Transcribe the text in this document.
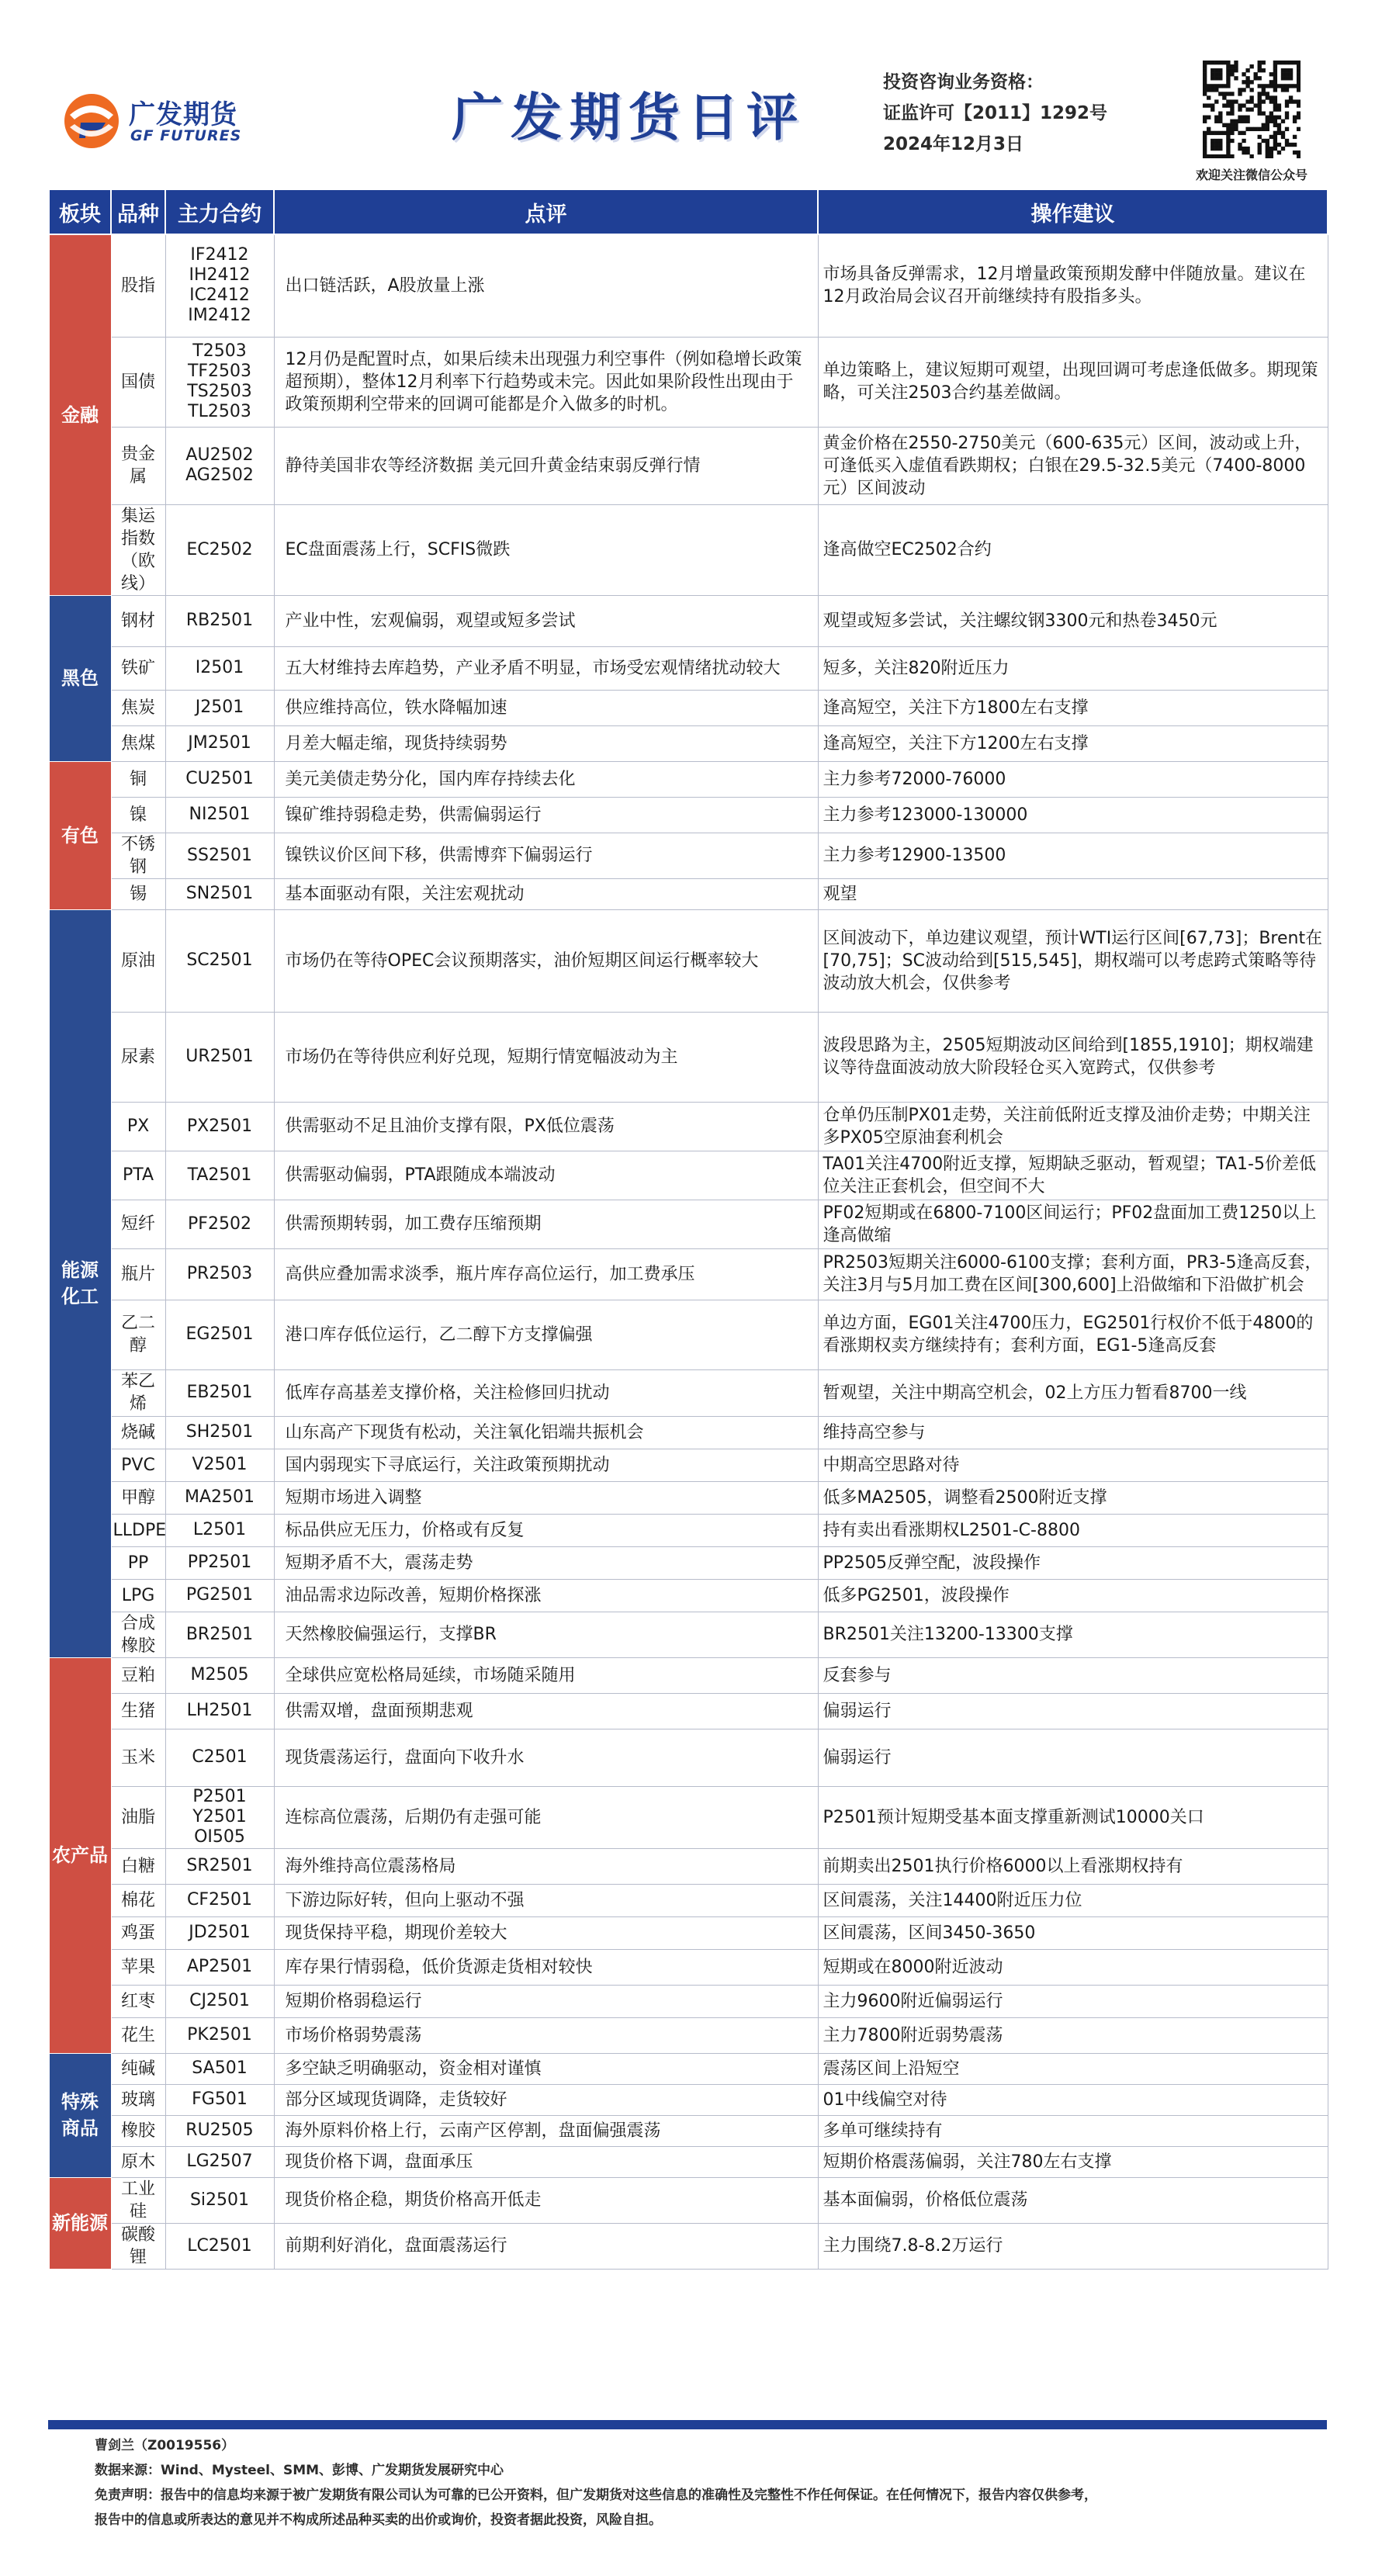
广发期货
GF FUTURES	广发期货日评
投资咨询业务资格：
证监许可【2011】1292号
2024年12月3日
欢迎关注微信公众号
板块	品种	主力合约	点评	操作建议
金融	股指	IF2412
IH2412
IC2412
IM2412	出口链活跃，A股放量上涨	市场具备反弹需求，12月增量政策预期发酵中伴随放量。建议在12月政治局会议召开前继续持有股指多头。
	国债	T2503
TF2503
TS2503
TL2503	12月仍是配置时点，如果后续未出现强力利空事件（例如稳增长政策超预期），整体12月利率下行趋势或未完。因此如果阶段性出现由于政策预期利空带来的回调可能都是介入做多的时机。	单边策略上，建议短期可观望，出现回调可考虑逢低做多。期现策略，可关注2503合约基差做阔。
	贵金属	AU2502
AG2502	静待美国非农等经济数据 美元回升黄金结束弱反弹行情	黄金价格在2550-2750美元（600-635元）区间，波动或上升，可逢低买入虚值看跌期权；白银在29.5-32.5美元（7400-8000元）区间波动
	集运指数
（欧线）	EC2502	EC盘面震荡上行，SCFIS微跌	逢高做空EC2502合约
黑色	钢材	RB2501	产业中性，宏观偏弱，观望或短多尝试	观望或短多尝试，关注螺纹钢3300元和热卷3450元
	铁矿	I2501	五大材维持去库趋势，产业矛盾不明显，市场受宏观情绪扰动较大	短多，关注820附近压力
	焦炭	J2501	供应维持高位，铁水降幅加速	逢高短空，关注下方1800左右支撑
	焦煤	JM2501	月差大幅走缩，现货持续弱势	逢高短空，关注下方1200左右支撑
有色	铜	CU2501	美元美债走势分化，国内库存持续去化	主力参考72000-76000
	镍	NI2501	镍矿维持弱稳走势，供需偏弱运行	主力参考123000-130000
	不锈钢	SS2501	镍铁议价区间下移，供需博弈下偏弱运行	主力参考12900-13500
	锡	SN2501	基本面驱动有限，关注宏观扰动	观望
能源
化工	原油	SC2501	市场仍在等待OPEC会议预期落实，油价短期区间运行概率较大	区间波动下，单边建议观望，预计WTI运行区间[67,73]；Brent在[70,75]；SC波动给到[515,545]，期权端可以考虑跨式策略等待波动放大机会，仅供参考
	尿素	UR2501	市场仍在等待供应利好兑现，短期行情宽幅波动为主	波段思路为主，2505短期波动区间给到[1855,1910]；期权端建议等待盘面波动放大阶段轻仓买入宽跨式，仅供参考
	PX	PX2501	供需驱动不足且油价支撑有限，PX低位震荡	仓单仍压制PX01走势，关注前低附近支撑及油价走势；中期关注多PX05空原油套利机会
	PTA	TA2501	供需驱动偏弱，PTA跟随成本端波动	TA01关注4700附近支撑，短期缺乏驱动，暂观望；TA1-5价差低位关注正套机会，但空间不大
	短纤	PF2502	供需预期转弱，加工费存压缩预期	PF02短期或在6800-7100区间运行；PF02盘面加工费1250以上逢高做缩
	瓶片	PR2503	高供应叠加需求淡季，瓶片库存高位运行，加工费承压	PR2503短期关注6000-6100支撑；套利方面，PR3-5逢高反套，关注3月与5月加工费在区间[300,600]上沿做缩和下沿做扩机会
	乙二醇	EG2501	港口库存低位运行，乙二醇下方支撑偏强	单边方面，EG01关注4700压力，EG2501行权价不低于4800的看涨期权卖方继续持有；套利方面，EG1-5逢高反套
	苯乙烯	EB2501	低库存高基差支撑价格，关注检修回归扰动	暂观望，关注中期高空机会，02上方压力暂看8700一线
	烧碱	SH2501	山东高产下现货有松动，关注氧化铝端共振机会	维持高空参与
	PVC	V2501	国内弱现实下寻底运行，关注政策预期扰动	中期高空思路对待
	甲醇	MA2501	短期市场进入调整	低多MA2505，调整看2500附近支撑
	LLDPE	L2501	标品供应无压力，价格或有反复	持有卖出看涨期权L2501-C-8800
	PP	PP2501	短期矛盾不大，震荡走势	PP2505反弹空配，波段操作
	LPG	PG2501	油品需求边际改善，短期价格探涨	低多PG2501，波段操作
	合成橡胶	BR2501	天然橡胶偏强运行，支撑BR	BR2501关注13200-13300支撑
农产品	豆粕	M2505	全球供应宽松格局延续，市场随采随用	反套参与
	生猪	LH2501	供需双增，盘面预期悲观	偏弱运行
	玉米	C2501	现货震荡运行，盘面向下收升水	偏弱运行
	油脂	P2501
Y2501
OI505	连棕高位震荡，后期仍有走强可能	P2501预计短期受基本面支撑重新测试10000关口
	白糖	SR2501	海外维持高位震荡格局	前期卖出2501执行价格6000以上看涨期权持有
	棉花	CF2501	下游边际好转，但向上驱动不强	区间震荡，关注14400附近压力位
	鸡蛋	JD2501	现货保持平稳，期现价差较大	区间震荡，区间3450-3650
	苹果	AP2501	库存果行情弱稳，低价货源走货相对较快	短期或在8000附近波动
	红枣	CJ2501	短期价格弱稳运行	主力9600附近偏弱运行
	花生	PK2501	市场价格弱势震荡	主力7800附近弱势震荡
特殊
商品	纯碱	SA501	多空缺乏明确驱动，资金相对谨慎	震荡区间上沿短空
	玻璃	FG501	部分区域现货调降，走货较好	01中线偏空对待
	橡胶	RU2505	海外原料价格上行，云南产区停割，盘面偏强震荡	多单可继续持有
	原木	LG2507	现货价格下调，盘面承压	短期价格震荡偏弱，关注780左右支撑
新能源	工业硅	Si2501	现货价格企稳，期货价格高开低走	基本面偏弱，价格低位震荡
	碳酸锂	LC2501	前期利好消化，盘面震荡运行	主力围绕7.8-8.2万运行
曹剑兰（Z0019556）
数据来源：Wind、Mysteel、SMM、彭博、广发期货发展研究中心
免责声明：报告中的信息均来源于被广发期货有限公司认为可靠的已公开资料，但广发期货对这些信息的准确性及完整性不作任何保证。在任何情况下，报告内容仅供参考，
报告中的信息或所表达的意见并不构成所述品种买卖的出价或询价，投资者据此投资，风险自担。
